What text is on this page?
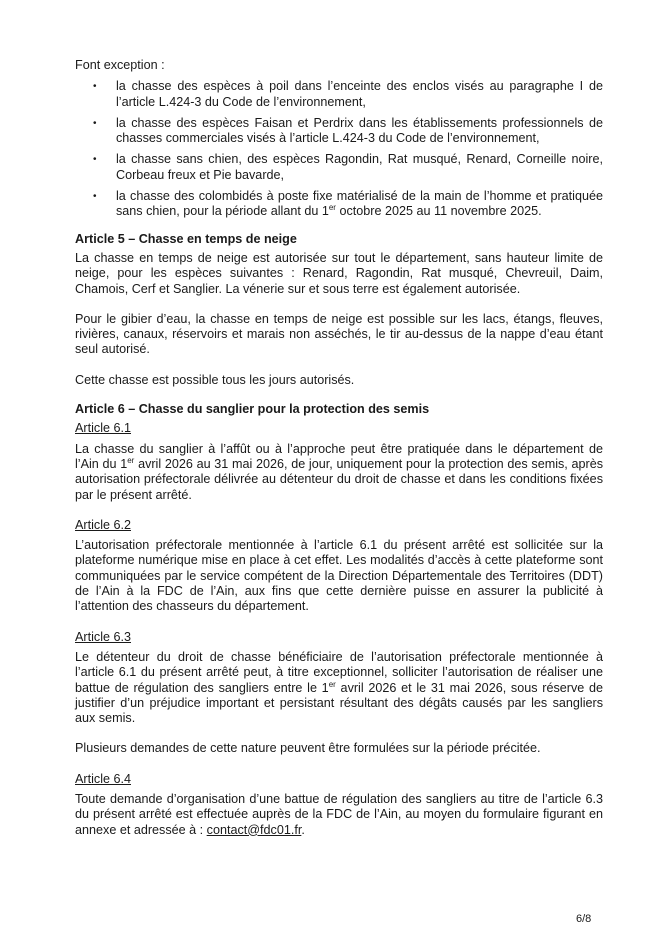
Font exception :

• la chasse des espèces à poil dans l’enceinte des enclos visés au paragraphe I de l’article L.424-3 du Code de l’environnement,
• la chasse des espèces Faisan et Perdrix dans les établissements professionnels de chasses commerciales visés à l’article L.424-3 du Code de l’environnement,
• la chasse sans chien, des espèces Ragondin, Rat musqué, Renard, Corneille noire, Corbeau freux et Pie bavarde,
• la chasse des colombidés à poste fixe matérialisé de la main de l’homme et pratiquée sans chien, pour la période allant du 1er octobre 2025 au 11 novembre 2025.
Article 5 – Chasse en temps de neige

La chasse en temps de neige est autorisée sur tout le département, sans hauteur limite de neige, pour les espèces suivantes : Renard, Ragondin, Rat musqué, Chevreuil, Daim, Chamois, Cerf et Sanglier. La vénerie sur et sous terre est également autorisée.

Pour le gibier d’eau, la chasse en temps de neige est possible sur les lacs, étangs, fleuves, rivières, canaux, réservoirs et marais non asséchés, le tir au-dessus de la nappe d’eau étant seul autorisé.

Cette chasse est possible tous les jours autorisés.

Article 6 – Chasse du sanglier pour la protection des semis

Article 6.1

La chasse du sanglier à l’affût ou à l’approche peut être pratiquée dans le département de l’Ain du 1er avril 2026 au 31 mai 2026, de jour, uniquement pour la protection des semis, après autorisation préfectorale délivrée au détenteur du droit de chasse et dans les conditions fixées par le présent arrêté.

Article 6.2

L’autorisation préfectorale mentionnée à l’article 6.1 du présent arrêté est sollicitée sur la plateforme numérique mise en place à cet effet. Les modalités d’accès à cette plateforme sont communiquées par le service compétent de la Direction Départementale des Territoires (DDT) de l’Ain à la FDC de l’Ain, aux fins que cette dernière puisse en assurer la publicité à l’attention des chasseurs du département.

Article 6.3

Le détenteur du droit de chasse bénéficiaire de l’autorisation préfectorale mentionnée à l’article 6.1 du présent arrêté peut, à titre exceptionnel, solliciter l’autorisation de réaliser une battue de régulation des sangliers entre le 1er avril 2026 et le 31 mai 2026, sous réserve de justifier d’un préjudice important et persistant résultant des dégâts causés par les sangliers aux semis.

Plusieurs demandes de cette nature peuvent être formulées sur la période précitée.

Article 6.4

Toute demande d’organisation d’une battue de régulation des sangliers au titre de l’article 6.3 du présent arrêté est effectuée auprès de la FDC de l’Ain, au moyen du formulaire figurant en annexe et adressée à : contact@fdc01.fr.

6/8
